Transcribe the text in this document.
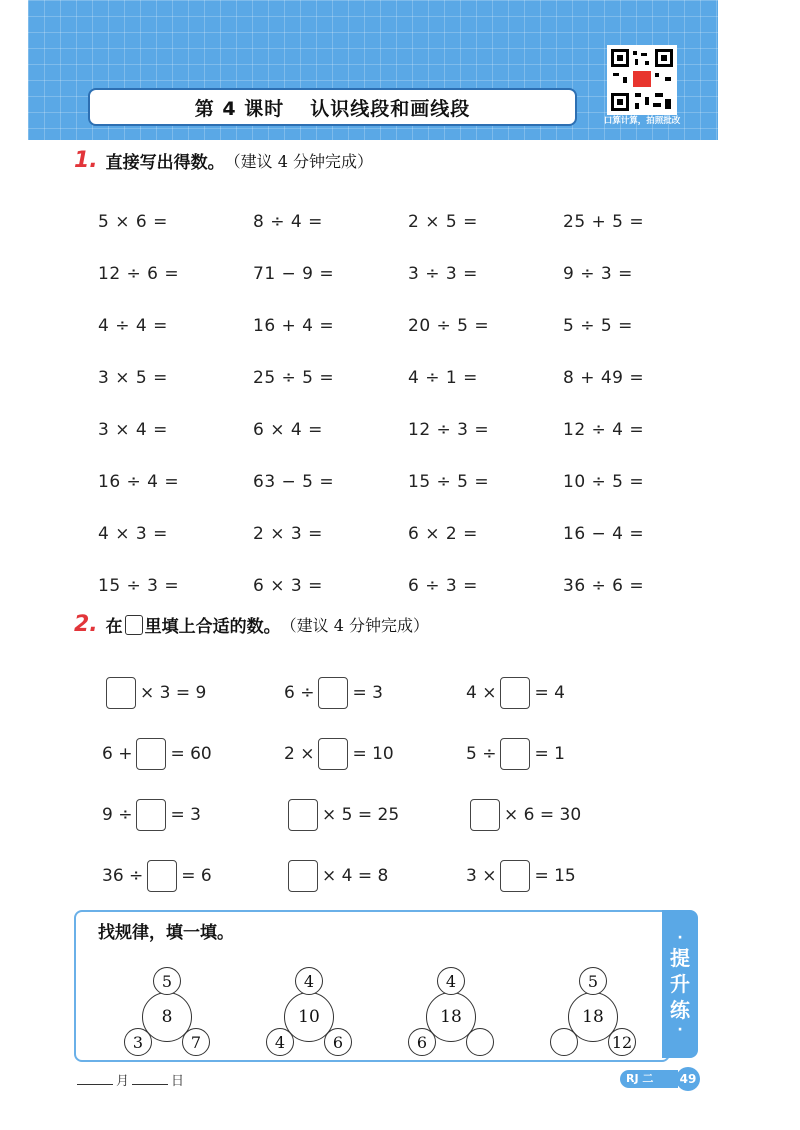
第 4 课时 认识线段和画线段
口算计算，拍照批改
1. 直接写出得数。 （建议 4 分钟完成）
5 × 6 =	8 ÷ 4 =	2 × 5 =	25 + 5 =
12 ÷ 6 =	71 − 9 =	3 ÷ 3 =	9 ÷ 3 =
4 ÷ 4 =	16 + 4 =	20 ÷ 5 =	5 ÷ 5 =
3 × 5 =	25 ÷ 5 =	4 ÷ 1 =	8 + 49 =
3 × 4 =	6 × 4 =	12 ÷ 3 =	12 ÷ 4 =
16 ÷ 4 =	63 − 5 =	15 ÷ 5 =	10 ÷ 5 =
4 × 3 =	2 × 3 =	6 × 2 =	16 − 4 =
15 ÷ 3 =	6 × 3 =	6 ÷ 3 =	36 ÷ 6 =
2. 在 里填上合适的数。 （建议 4 分钟完成）
× 3 = 9	6 ÷ = 3	4 × = 4
6 + = 60	2 × = 10	5 ÷ = 1
9 ÷ = 3	× 5 = 25	× 6 = 30
36 ÷ = 6	× 4 = 8	3 × = 15
找规律，填一填。
8
5
3	7
10
4
4	6
18
4
6
18
5
12
·
提
升
练
·
月	日	RJ 二（上）
49
